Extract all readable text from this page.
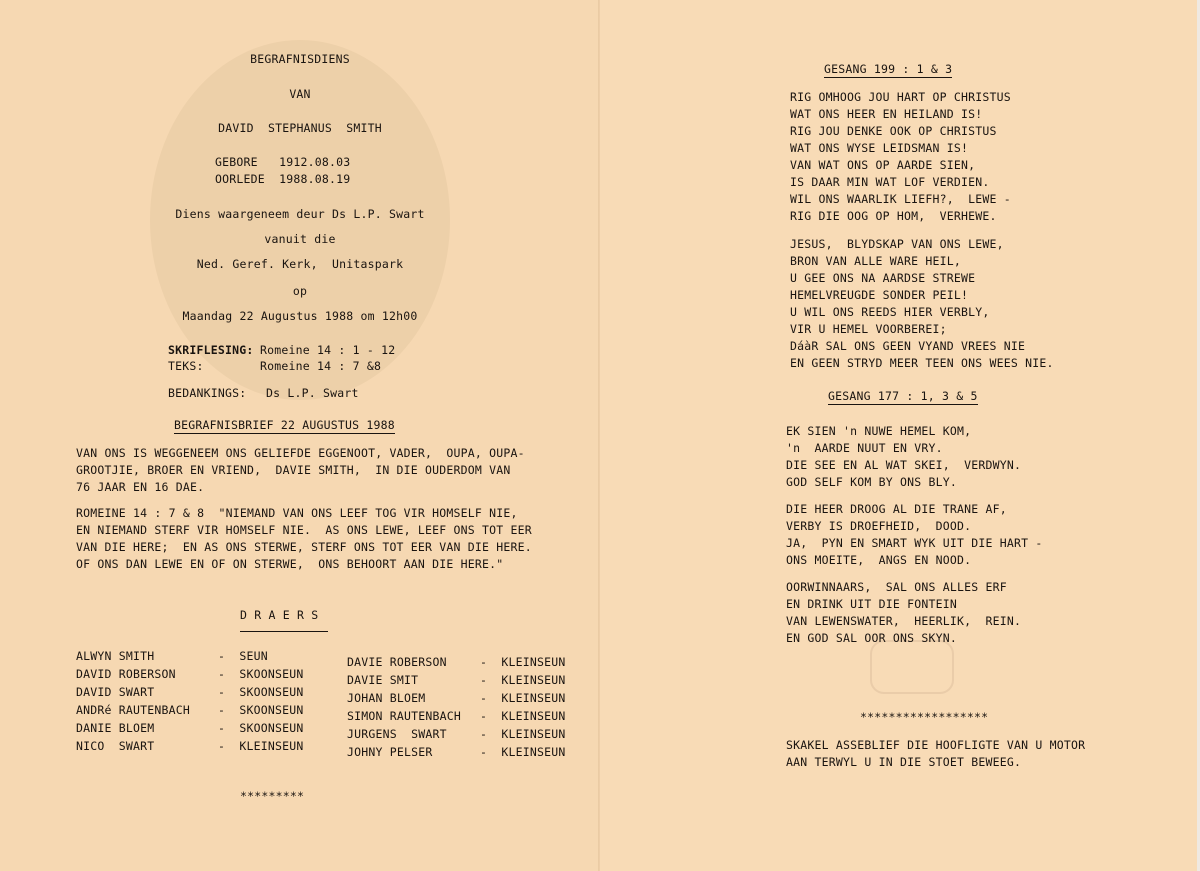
BEGRAFNISDIENS
VAN
DAVID  STEPHANUS  SMITH
GEBORE   1912.08.03
OORLEDE  1988.08.19
Diens waargeneem deur Ds L.P. Swart
vanuit die
Ned. Geref. Kerk,  Unitaspark
op
Maandag 22 Augustus 1988 om 12h00
SKRIFLESING: Romeine 14 : 1 - 12
TEKS:	Romeine 14 : 7 &8
BEDANKINGS: Ds L.P. Swart
BEGRAFNISBRIEF 22 AUGUSTUS 1988
VAN ONS IS WEGGENEEM ONS GELIEFDE EGGENOOT, VADER,  OUPA, OUPA-
GROOTJIE, BROER EN VRIEND,  DAVIE SMITH,  IN DIE OUDERDOM VAN
76 JAAR EN 16 DAE.
ROMEINE 14 : 7 & 8  "NIEMAND VAN ONS LEEF TOG VIR HOMSELF NIE,
EN NIEMAND STERF VIR HOMSELF NIE.  AS ONS LEWE, LEEF ONS TOT EER
VAN DIE HERE;  EN AS ONS STERWE, STERF ONS TOT EER VAN DIE HERE.
OF ONS DAN LEWE EN OF ON STERWE,  ONS BEHOORT AAN DIE HERE."
D R A E R S
ALWYN SMITH	-  SEUN
DAVID ROBERSON	-  SKOONSEUN
DAVID SWART	-  SKOONSEUN
ANDRé RAUTENBACH -  SKOONSEUN
DANIE BLOEM	-  SKOONSEUN
NICO  SWART	-  KLEINSEUN
DAVIE ROBERSON	-  KLEINSEUN
DAVIE SMIT	-  KLEINSEUN
JOHAN BLOEM	-  KLEINSEUN
SIMON RAUTENBACH -  KLEINSEUN
JURGENS  SWART	-  KLEINSEUN
JOHNY PELSER	-  KLEINSEUN
*********
GESANG 199 : 1 & 3
RIG OMHOOG JOU HART OP CHRISTUS
WAT ONS HEER EN HEILAND IS!
RIG JOU DENKE OOK OP CHRISTUS
WAT ONS WYSE LEIDSMAN IS!
VAN WAT ONS OP AARDE SIEN,
IS DAAR MIN WAT LOF VERDIEN.
WIL ONS WAARLIK LIEFH?,  LEWE -
RIG DIE OOG OP HOM,  VERHEWE.
JESUS,  BLYDSKAP VAN ONS LEWE,
BRON VAN ALLE WARE HEIL,
U GEE ONS NA AARDSE STREWE
HEMELVREUGDE SONDER PEIL!
U WIL ONS REEDS HIER VERBLY,
VIR U HEMEL VOORBEREI;
DáàR SAL ONS GEEN VYAND VREES NIE
EN GEEN STRYD MEER TEEN ONS WEES NIE.
GESANG 177 : 1, 3 & 5
EK SIEN 'n NUWE HEMEL KOM,
'n  AARDE NUUT EN VRY.
DIE SEE EN AL WAT SKEI,  VERDWYN.
GOD SELF KOM BY ONS BLY.
DIE HEER DROOG AL DIE TRANE AF,
VERBY IS DROEFHEID,  DOOD.
JA,  PYN EN SMART WYK UIT DIE HART -
ONS MOEITE,  ANGS EN NOOD.
OORWINNAARS,  SAL ONS ALLES ERF
EN DRINK UIT DIE FONTEIN
VAN LEWENSWATER,  HEERLIK,  REIN.
EN GOD SAL OOR ONS SKYN.
******************
SKAKEL ASSEBLIEF DIE HOOFLIGTE VAN U MOTOR
AAN TERWYL U IN DIE STOET BEWEEG.
